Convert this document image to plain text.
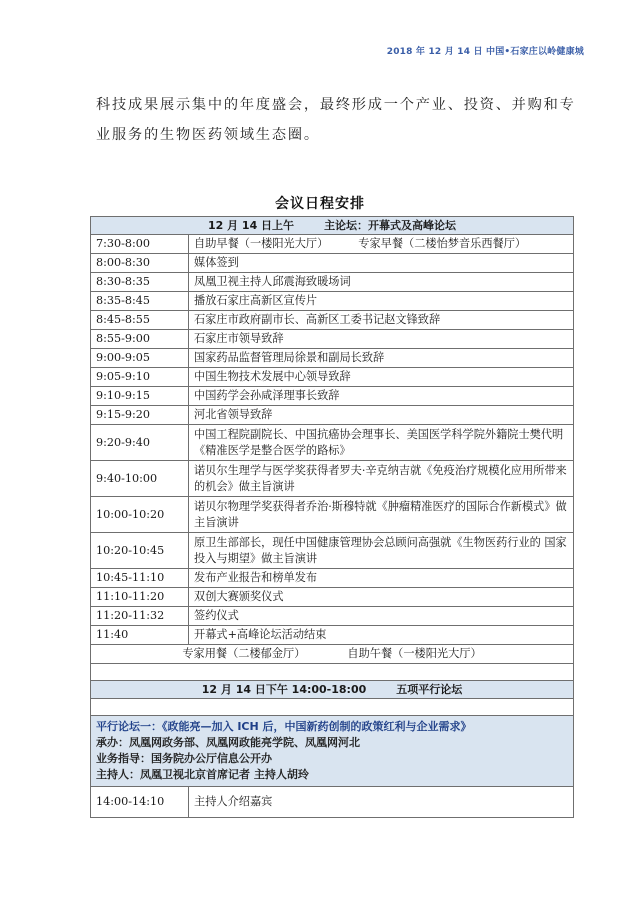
2018 年 12 月 14 日 中国•石家庄以岭健康城

科技成果展示集中的年度盛会，最终形成一个产业、投资、并购和专

业服务的生物医药领域生态圈。

会议日程安排
12 月 14 日上午 主论坛：开幕式及高峰论坛	
7:30-8:00	自助早餐（一楼阳光大厅） 专家早餐（二楼怡梦音乐西餐厅）
8:00-8:30	媒体签到
8:30-8:35	凤凰卫视主持人邱震海致暖场词
8:35-8:45	播放石家庄高新区宣传片
8:45-8:55	石家庄市政府副市长、高新区工委书记赵文锋致辞
8:55-9:00	石家庄市领导致辞
9:00-9:05	国家药品监督管理局徐景和副局长致辞
9:05-9:10	中国生物技术发展中心领导致辞
9:10-9:15	中国药学会孙咸泽理事长致辞
9:15-9:20	河北省领导致辞
9:20-9:40	中国工程院副院长、中国抗癌协会理事长、美国医学科学院外籍院士樊代明《精准医学是整合医学的路标》
9:40-10:00	诺贝尔生理学与医学奖获得者罗夫·辛克纳吉就《免疫治疗规模化应用所带来的机会》做主旨演讲
10:00-10:20	诺贝尔物理学奖获得者乔治·斯穆特就《肿瘤精准医疗的国际合作新模式》做主旨演讲
10:20-10:45	原卫生部部长，现任中国健康管理协会总顾问高强就《生物医药行业的 国家投入与期望》做主旨演讲
10:45-11:10	发布产业报告和榜单发布
11:10-11:20	双创大赛颁奖仪式
11:20-11:32	签约仪式
11:40	开幕式+高峰论坛活动结束
专家用餐（二楼郁金厅） 自助午餐（一楼阳光大厅）	

12 月 14 日下午 14:00-18:00 五项平行论坛	

平行论坛一：《政能亮—加入 ICH 后，中国新药创制的政策红利与企业需求》
承办：凤凰网政务部、凤凰网政能亮学院、凤凰网河北
业务指导：国务院办公厅信息公开办
主持人：凤凰卫视北京首席记者 主持人胡玲	

14:00-14:10	主持人介绍嘉宾
